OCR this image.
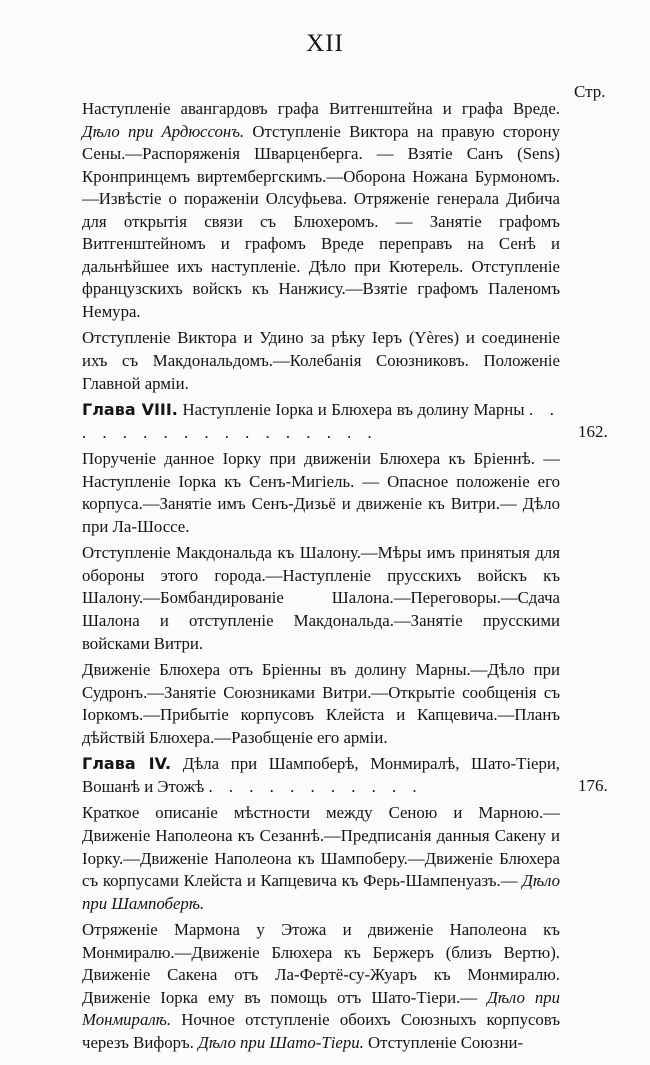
XII
Стр.

Наступленіе авангардовъ графа Витгенштейна и графа Вреде. Дѣло при Ардюссонъ. Отступленіе Виктора на правую сторону Сены.—Распоряженія Шварценберга. — Взятіе Санъ (Sens) Кронпринцемъ виртембергскимъ.—Оборона Ножана Бурмономъ.—Извѣстіе о пораженіи Олсуфьева. Отряженіе генерала Дибича для открытія связи съ Блюхеромъ. — Занятіе графомъ Витгенштейномъ и графомъ Вреде переправъ на Сенѣ и дальнѣйшее ихъ наступленіе. Дѣло при Кютерель. Отступленіе французскихъ войскъ къ Нанжису.—Взятіе графомъ Паленомъ Немура.

Отступленіе Виктора и Удино за рѣку Іеръ (Yères) и соединеніе ихъ съ Макдональдомъ.—Колебанія Союзниковъ. Положеніе Главной арміи.

Глава VIII. Наступленіе Іорка и Блюхера въ долину Марны . . . . . . . . . . . . . . . . .	162.

Порученіе данное Іорку при движеніи Блюхера къ Бріеннѣ. —Наступленіе Іорка къ Сенъ-Мигіель. — Опасное положеніе его корпуса.—Занятіе имъ Сенъ-Дизьё и движеніе къ Витри.— Дѣло при Ла-Шоссе.

Отступленіе Макдональда къ Шалону.—Мѣры имъ принятыя для обороны этого города.—Наступленіе прусскихъ войскъ къ Шалону.—Бомбандированіе Шалона.—Переговоры.—Сдача Шалона и отступленіе Макдональда.—Занятіе прусскими войсками Витри.

Движеніе Блюхера отъ Бріенны въ долину Марны.—Дѣло при Судронъ.—Занятіе Союзниками Витри.—Открытіе сообщенія съ Іоркомъ.—Прибытіе корпусовъ Клейста и Капцевича.—Планъ дѣйствій Блюхера.—Разобщеніе его арміи.

Глава IV. Дѣла при Шампоберѣ, Монмиралѣ, Шато-Тіери, Вошанѣ и Этожѣ . . . . . . . . . . .	176.

Краткое описаніе мѣстности между Сеною и Марною.— Движеніе Наполеона къ Сезаннѣ.—Предписанія данныя Сакену и Іорку.—Движеніе Наполеона къ Шампоберу.—Движеніе Блюхера съ корпусами Клейста и Капцевича къ Ферь-Шампенуазъ.— Дѣло при Шампоберѣ.

Отряженіе Мармона у Этожа и движеніе Наполеона къ Монмиралю.—Движеніе Блюхера къ Бержеръ (близъ Вертю). Движеніе Сакена отъ Ла-Фертё-су-Жуаръ къ Монмиралю. Движеніе Іорка ему въ помощь отъ Шато-Тіери.— Дѣло при Монмиралѣ. Ночное отступленіе обоихъ Союзныхъ корпусовъ черезъ Вифоръ. Дѣло при Шато-Тіери. Отступленіе Союзни-
